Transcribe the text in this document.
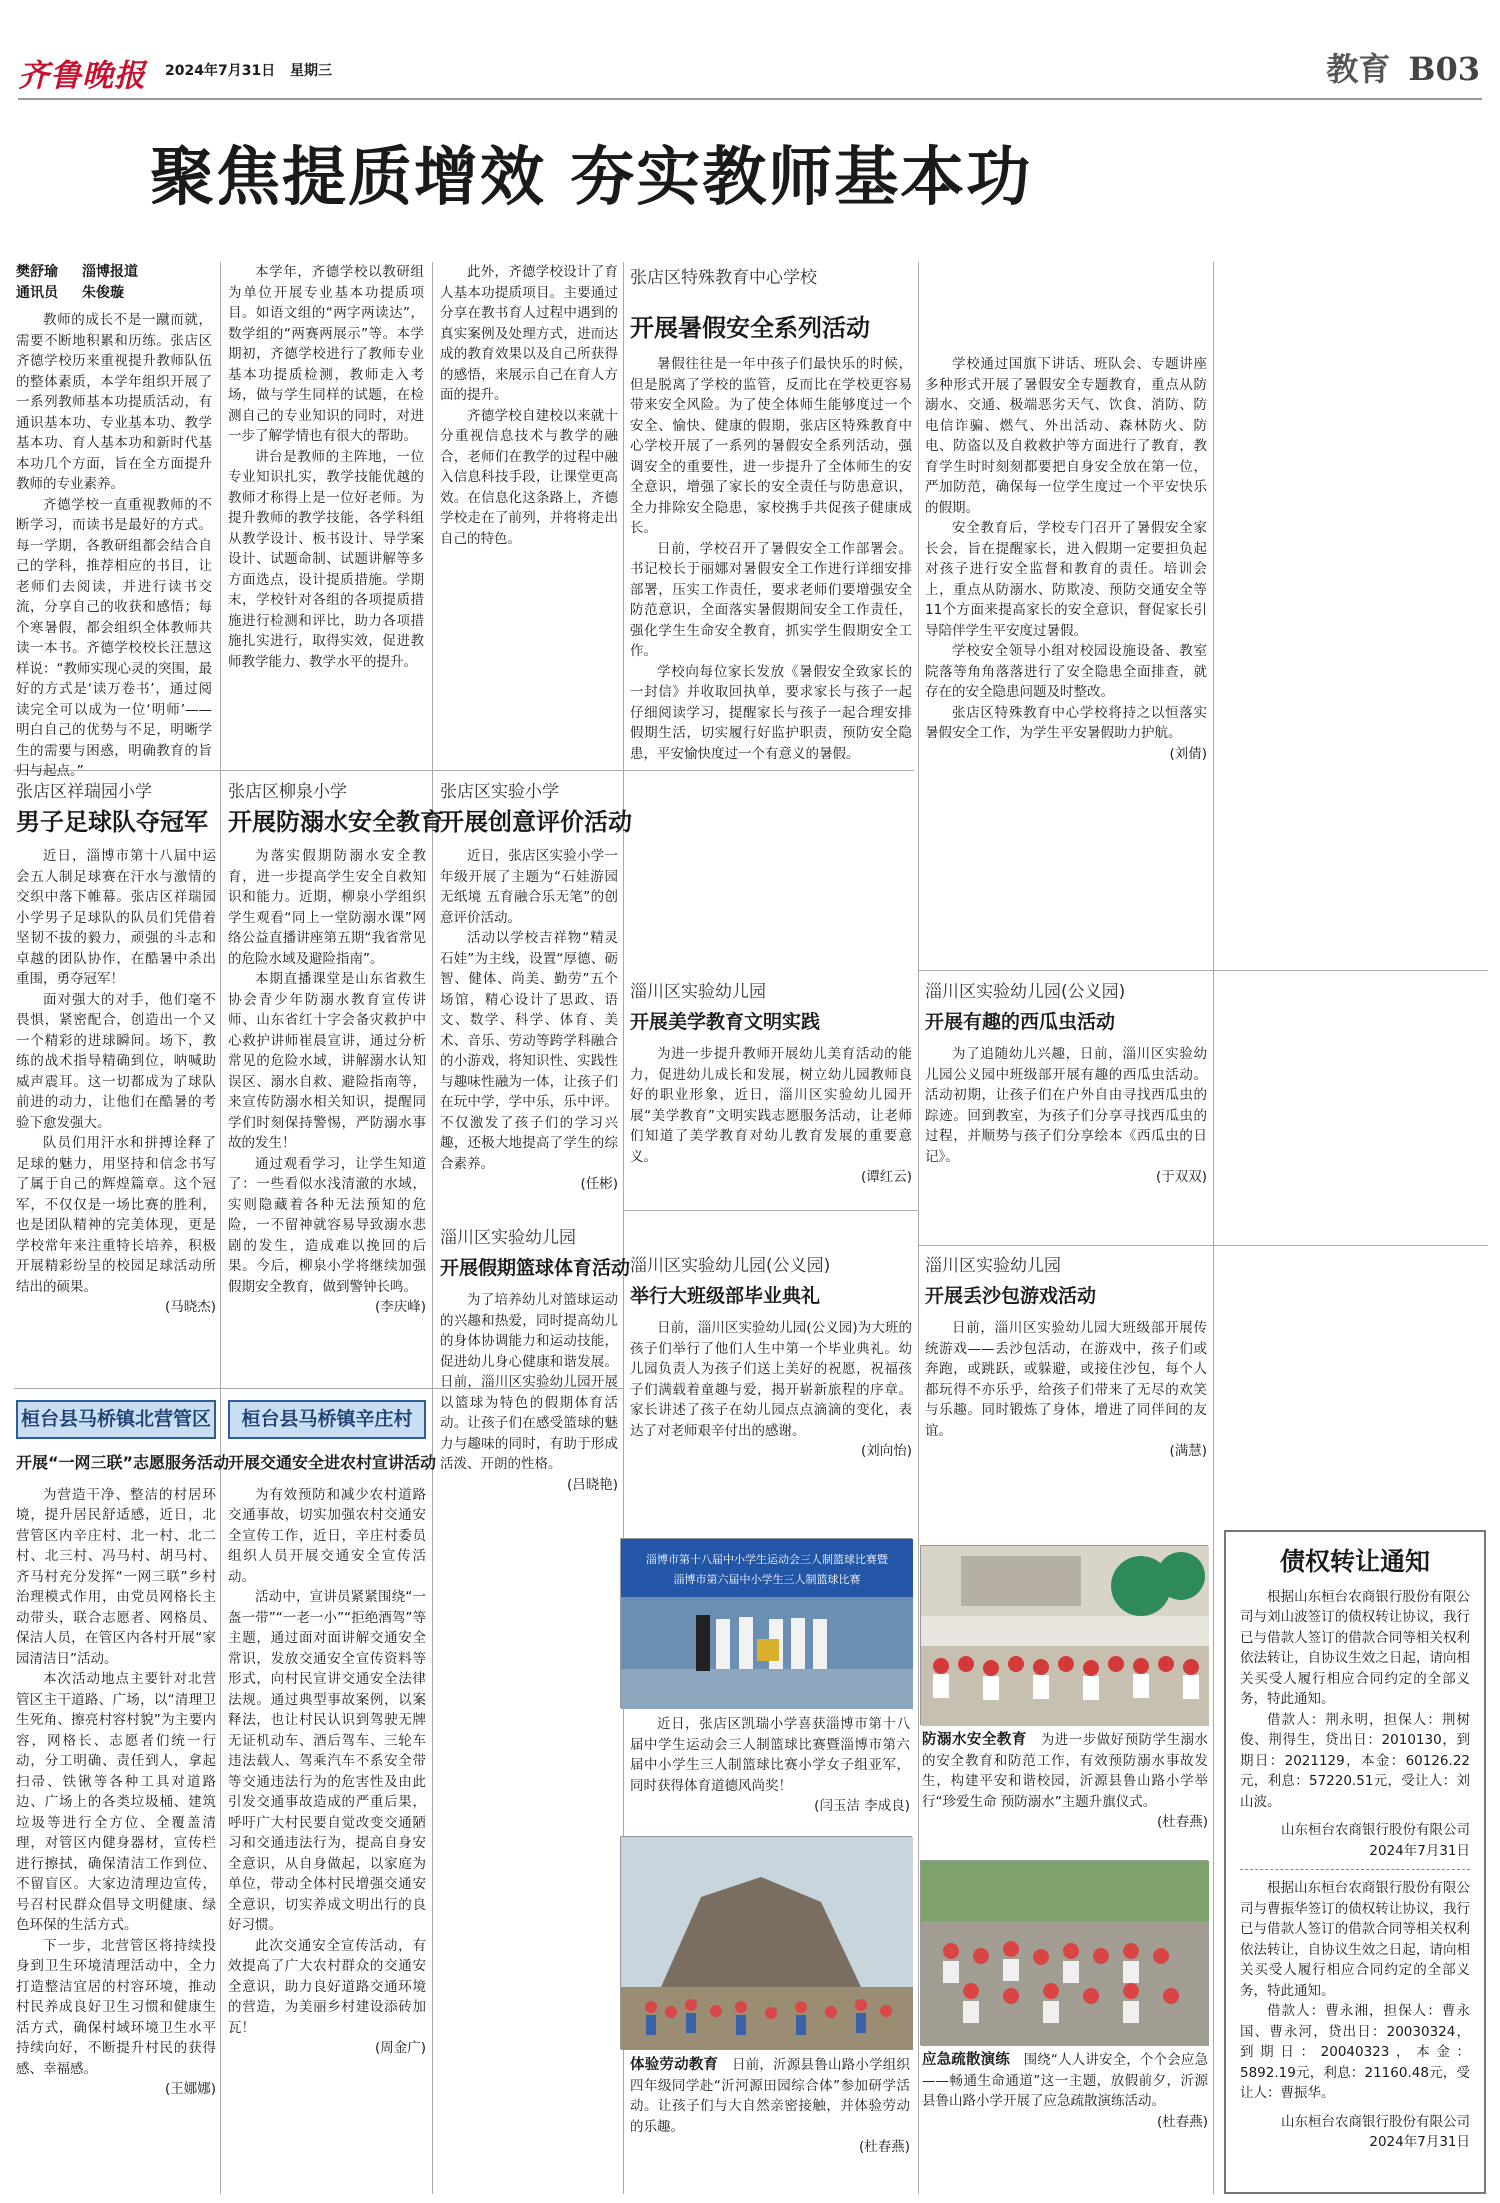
齐鲁晚报 2024年7月31日 星期三	教育 B03
聚焦提质增效 夯实教师基本功
樊舒瑜 淄博报道
通讯员 朱俊璇

教师的成长不是一蹴而就，需要不断地积累和历练。张店区齐德学校历来重视提升教师队伍的整体素质，本学年组织开展了一系列教师基本功提质活动，有通识基本功、专业基本功、教学基本功、育人基本功和新时代基本功几个方面，旨在全方面提升教师的专业素养。

齐德学校一直重视教师的不断学习，而读书是最好的方式。每一学期，各教研组都会结合自己的学科，推荐相应的书目，让老师们去阅读，并进行读书交流，分享自己的收获和感悟；每个寒暑假，都会组织全体教师共读一本书。齐德学校校长汪慧这样说：“教师实现心灵的突围，最好的方式是‘读万卷书’，通过阅读完全可以成为一位‘明师’——明白自己的优势与不足，明晰学生的需要与困惑，明确教育的旨归与起点。”

本学年，齐德学校以教研组为单位开展专业基本功提质项目。如语文组的“两字两读达”，数学组的“两赛两展示”等。本学期初，齐德学校进行了教师专业基本功提质检测，教师走入考场，做与学生同样的试题，在检测自己的专业知识的同时，对进一步了解学情也有很大的帮助。

讲台是教师的主阵地，一位专业知识扎实，教学技能优越的教师才称得上是一位好老师。为提升教师的教学技能，各学科组从教学设计、板书设计、导学案设计、试题命制、试题讲解等多方面选点，设计提质措施。学期末，学校针对各组的各项提质措施进行检测和评比，助力各项措施扎实进行，取得实效，促进教师教学能力、教学水平的提升。

此外，齐德学校设计了育人基本功提质项目。主要通过分享在教书育人过程中遇到的真实案例及处理方式，进而达成的教育效果以及自己所获得的感悟，来展示自己在育人方面的提升。

齐德学校自建校以来就十分重视信息技术与教学的融合，老师们在教学的过程中融入信息科技手段，让课堂更高效。在信息化这条路上，齐德学校走在了前列，并将将走出自己的特色。

张店区特殊教育中心学校
开展暑假安全系列活动

暑假往往是一年中孩子们最快乐的时候，但是脱离了学校的监管，反而比在学校更容易带来安全风险。为了使全体师生能够度过一个安全、愉快、健康的假期，张店区特殊教育中心学校开展了一系列的暑假安全系列活动，强调安全的重要性，进一步提升了全体师生的安全意识，增强了家长的安全责任与防患意识，全力排除安全隐患，家校携手共促孩子健康成长。

日前，学校召开了暑假安全工作部署会。书记校长于丽娜对暑假安全工作进行详细安排部署，压实工作责任，要求老师们要增强安全防范意识，全面落实暑假期间安全工作责任，强化学生生命安全教育，抓实学生假期安全工作。

学校向每位家长发放《暑假安全致家长的一封信》并收取回执单，要求家长与孩子一起仔细阅读学习，提醒家长与孩子一起合理安排假期生活，切实履行好监护职责，预防安全隐患，平安愉快度过一个有意义的暑假。

学校通过国旗下讲话、班队会、专题讲座多种形式开展了暑假安全专题教育，重点从防溺水、交通、极端恶劣天气、饮食、消防、防电信诈骗、燃气、外出活动、森林防火、防电、防盗以及自救救护等方面进行了教育，教育学生时时刻刻都要把自身安全放在第一位，严加防范，确保每一位学生度过一个平安快乐的假期。

安全教育后，学校专门召开了暑假安全家长会，旨在提醒家长，进入假期一定要担负起对孩子进行安全监督和教育的责任。培训会上，重点从防溺水、防欺凌、预防交通安全等11个方面来提高家长的安全意识，督促家长引导陪伴学生平安度过暑假。

学校安全领导小组对校园设施设备、教室院落等角角落落进行了安全隐患全面排查，就存在的安全隐患问题及时整改。

张店区特殊教育中心学校将持之以恒落实暑假安全工作，为学生平安暑假助力护航。

(刘倩)
张店区祥瑞园小学
男子足球队夺冠军

近日，淄博市第十八届中运会五人制足球赛在汗水与激情的交织中落下帷幕。张店区祥瑞园小学男子足球队的队员们凭借着坚韧不拔的毅力，顽强的斗志和卓越的团队协作，在酷暑中杀出重围，勇夺冠军！

面对强大的对手，他们毫不畏惧，紧密配合，创造出一个又一个精彩的进球瞬间。场下，教练的战术指导精确到位，呐喊助威声震耳。这一切都成为了球队前进的动力，让他们在酷暑的考验下愈发强大。

队员们用汗水和拼搏诠释了足球的魅力，用坚持和信念书写了属于自己的辉煌篇章。这个冠军，不仅仅是一场比赛的胜利，也是团队精神的完美体现，更是学校常年来注重特长培养，积极开展精彩纷呈的校园足球活动所结出的硕果。

(马晓杰)
张店区柳泉小学
开展防溺水安全教育

为落实假期防溺水安全教育，进一步提高学生安全自救知识和能力。近期，柳泉小学组织学生观看“同上一堂防溺水课”网络公益直播讲座第五期“我省常见的危险水域及避险指南”。

本期直播课堂是山东省救生协会青少年防溺水教育宣传讲师、山东省红十字会备灾救护中心救护讲师崔晨宣讲，通过分析常见的危险水域，讲解溺水认知误区、溺水自救、避险指南等，来宣传防溺水相关知识，提醒同学们时刻保持警惕，严防溺水事故的发生！

通过观看学习，让学生知道了：一些看似水浅清澈的水域，实则隐藏着各种无法预知的危险，一不留神就容易导致溺水悲剧的发生，造成难以挽回的后果。今后，柳泉小学将继续加强假期安全教育，做到警钟长鸣。

(李庆峰)
张店区实验小学
开展创意评价活动

近日，张店区实验小学一年级开展了主题为“石娃游园无纸境 五育融合乐无笔”的创意评价活动。

活动以学校吉祥物“精灵石娃”为主线，设置“厚德、砺智、健体、尚美、勤劳”五个场馆，精心设计了思政、语文、数学、科学、体育、美术、音乐、劳动等跨学科融合的小游戏，将知识性、实践性与趣味性融为一体，让孩子们在玩中学，学中乐，乐中评。不仅激发了孩子们的学习兴趣，还极大地提高了学生的综合素养。

(任彬)
淄川区实验幼儿园
开展美学教育文明实践

为进一步提升教师开展幼儿美育活动的能力，促进幼儿成长和发展，树立幼儿园教师良好的职业形象，近日，淄川区实验幼儿园开展“美学教育”文明实践志愿服务活动，让老师们知道了美学教育对幼儿教育发展的重要意义。

(谭红云)
淄川区实验幼儿园(公义园)
开展有趣的西瓜虫活动

为了追随幼儿兴趣，日前，淄川区实验幼儿园公义园中班级部开展有趣的西瓜虫活动。活动初期，让孩子们在户外自由寻找西瓜虫的踪迹。回到教室，为孩子们分享寻找西瓜虫的过程，并顺势与孩子们分享绘本《西瓜虫的日记》。

(于双双)
淄川区实验幼儿园
开展假期篮球体育活动

为了培养幼儿对篮球运动的兴趣和热爱，同时提高幼儿的身体协调能力和运动技能，促进幼儿身心健康和谐发展。日前，淄川区实验幼儿园开展以篮球为特色的假期体育活动。让孩子们在感受篮球的魅力与趣味的同时，有助于形成活泼、开朗的性格。

(吕晓艳)
淄川区实验幼儿园(公义园)
举行大班级部毕业典礼

日前，淄川区实验幼儿园(公义园)为大班的孩子们举行了他们人生中第一个毕业典礼。幼儿园负责人为孩子们送上美好的祝愿，祝福孩子们满载着童趣与爱，揭开崭新旅程的序章。家长讲述了孩子在幼儿园点点滴滴的变化，表达了对老师艰辛付出的感谢。

(刘向怡)
淄川区实验幼儿园
开展丢沙包游戏活动

日前，淄川区实验幼儿园大班级部开展传统游戏——丢沙包活动，在游戏中，孩子们或奔跑，或跳跃，或躲避，或接住沙包，每个人都玩得不亦乐乎，给孩子们带来了无尽的欢笑与乐趣。同时锻炼了身体，增进了同伴间的友谊。

(满慧)
桓台县马桥镇北营管区
开展“一网三联”志愿服务活动

为营造干净、整洁的村居环境，提升居民舒适感，近日，北营管区内辛庄村、北一村、北二村、北三村、冯马村、胡马村、齐马村充分发挥“一网三联”乡村治理模式作用，由党员网格长主动带头，联合志愿者、网格员、保洁人员，在管区内各村开展“家园清洁日”活动。

本次活动地点主要针对北营管区主干道路、广场，以“清理卫生死角、擦亮村容村貌”为主要内容，网格长、志愿者们统一行动，分工明确、责任到人，拿起扫帚、铁锹等各种工具对道路边、广场上的各类垃圾桶、建筑垃圾等进行全方位、全覆盖清理，对管区内健身器材，宣传栏进行擦拭，确保清洁工作到位、不留盲区。大家边清理边宣传，号召村民群众倡导文明健康、绿色环保的生活方式。

下一步，北营管区将持续投身到卫生环境清理活动中，全力打造整洁宜居的村容环境，推动村民养成良好卫生习惯和健康生活方式，确保村域环境卫生水平持续向好，不断提升村民的获得感、幸福感。

(王娜娜)
桓台县马桥镇辛庄村
开展交通安全进农村宣讲活动

为有效预防和减少农村道路交通事故，切实加强农村交通安全宣传工作，近日，辛庄村委员组织人员开展交通安全宣传活动。

活动中，宣讲员紧紧围绕“一盔一带”“一老一小”“拒绝酒驾”等主题，通过面对面讲解交通安全常识，发放交通安全宣传资料等形式，向村民宣讲交通安全法律法规。通过典型事故案例，以案释法，也让村民认识到驾驶无牌无证机动车、酒后驾车、三轮车违法载人、驾乘汽车不系安全带等交通违法行为的危害性及由此引发交通事故造成的严重后果，呼吁广大村民要自觉改变交通陋习和交通违法行为，提高自身安全意识，从自身做起，以家庭为单位，带动全体村民增强交通安全意识，切实养成文明出行的良好习惯。

此次交通安全宣传活动，有效提高了广大农村群众的交通安全意识，助力良好道路交通环境的营造，为美丽乡村建设添砖加瓦！

(周金广)
淄博市第十八届中小学生运动会三人制篮球比赛暨
淄博市第六届中小学生三人制篮球比赛

近日，张店区凯瑞小学喜获淄博市第十八届中学生运动会三人制篮球比赛暨淄博市第六届中小学生三人制篮球比赛小学女子组亚军，同时获得体育道德风尚奖！

(闫玉洁 李成良)

体验劳动教育　 日前，沂源县鲁山路小学组织四年级同学赴“沂河源田园综合体”参加研学活动。让孩子们与大自然亲密接触，并体验劳动的乐趣。

(杜春燕)

防溺水安全教育　 为进一步做好预防学生溺水的安全教育和防范工作，有效预防溺水事故发生，构建平安和谐校园，沂源县鲁山路小学举行“珍爱生命 预防溺水”主题升旗仪式。

(杜春燕)

应急疏散演练　 围绕“人人讲安全，个个会应急——畅通生命通道”这一主题，放假前夕，沂源县鲁山路小学开展了应急疏散演练活动。

(杜春燕)
债权转让通知

根据山东桓台农商银行股份有限公司与刘山波签订的债权转让协议，我行已与借款人签订的借款合同等相关权利依法转让，自协议生效之日起，请向相关买受人履行相应合同约定的全部义务，特此通知。

借款人：荆永明，担保人：荆树俊、荆得生，贷出日：2010130，到期日：2021129，本金：60126.22元，利息：57220.51元，受让人：刘山波。

山东桓台农商银行股份有限公司

2024年7月31日

根据山东桓台农商银行股份有限公司与曹振华签订的债权转让协议，我行已与借款人签订的借款合同等相关权利依法转让，自协议生效之日起，请向相关买受人履行相应合同约定的全部义务，特此通知。

借款人：曹永湘，担保人：曹永国、曹永河，贷出日：20030324，到期日：20040323，本金：5892.19元，利息：21160.48元，受让人：曹振华。

山东桓台农商银行股份有限公司

2024年7月31日
